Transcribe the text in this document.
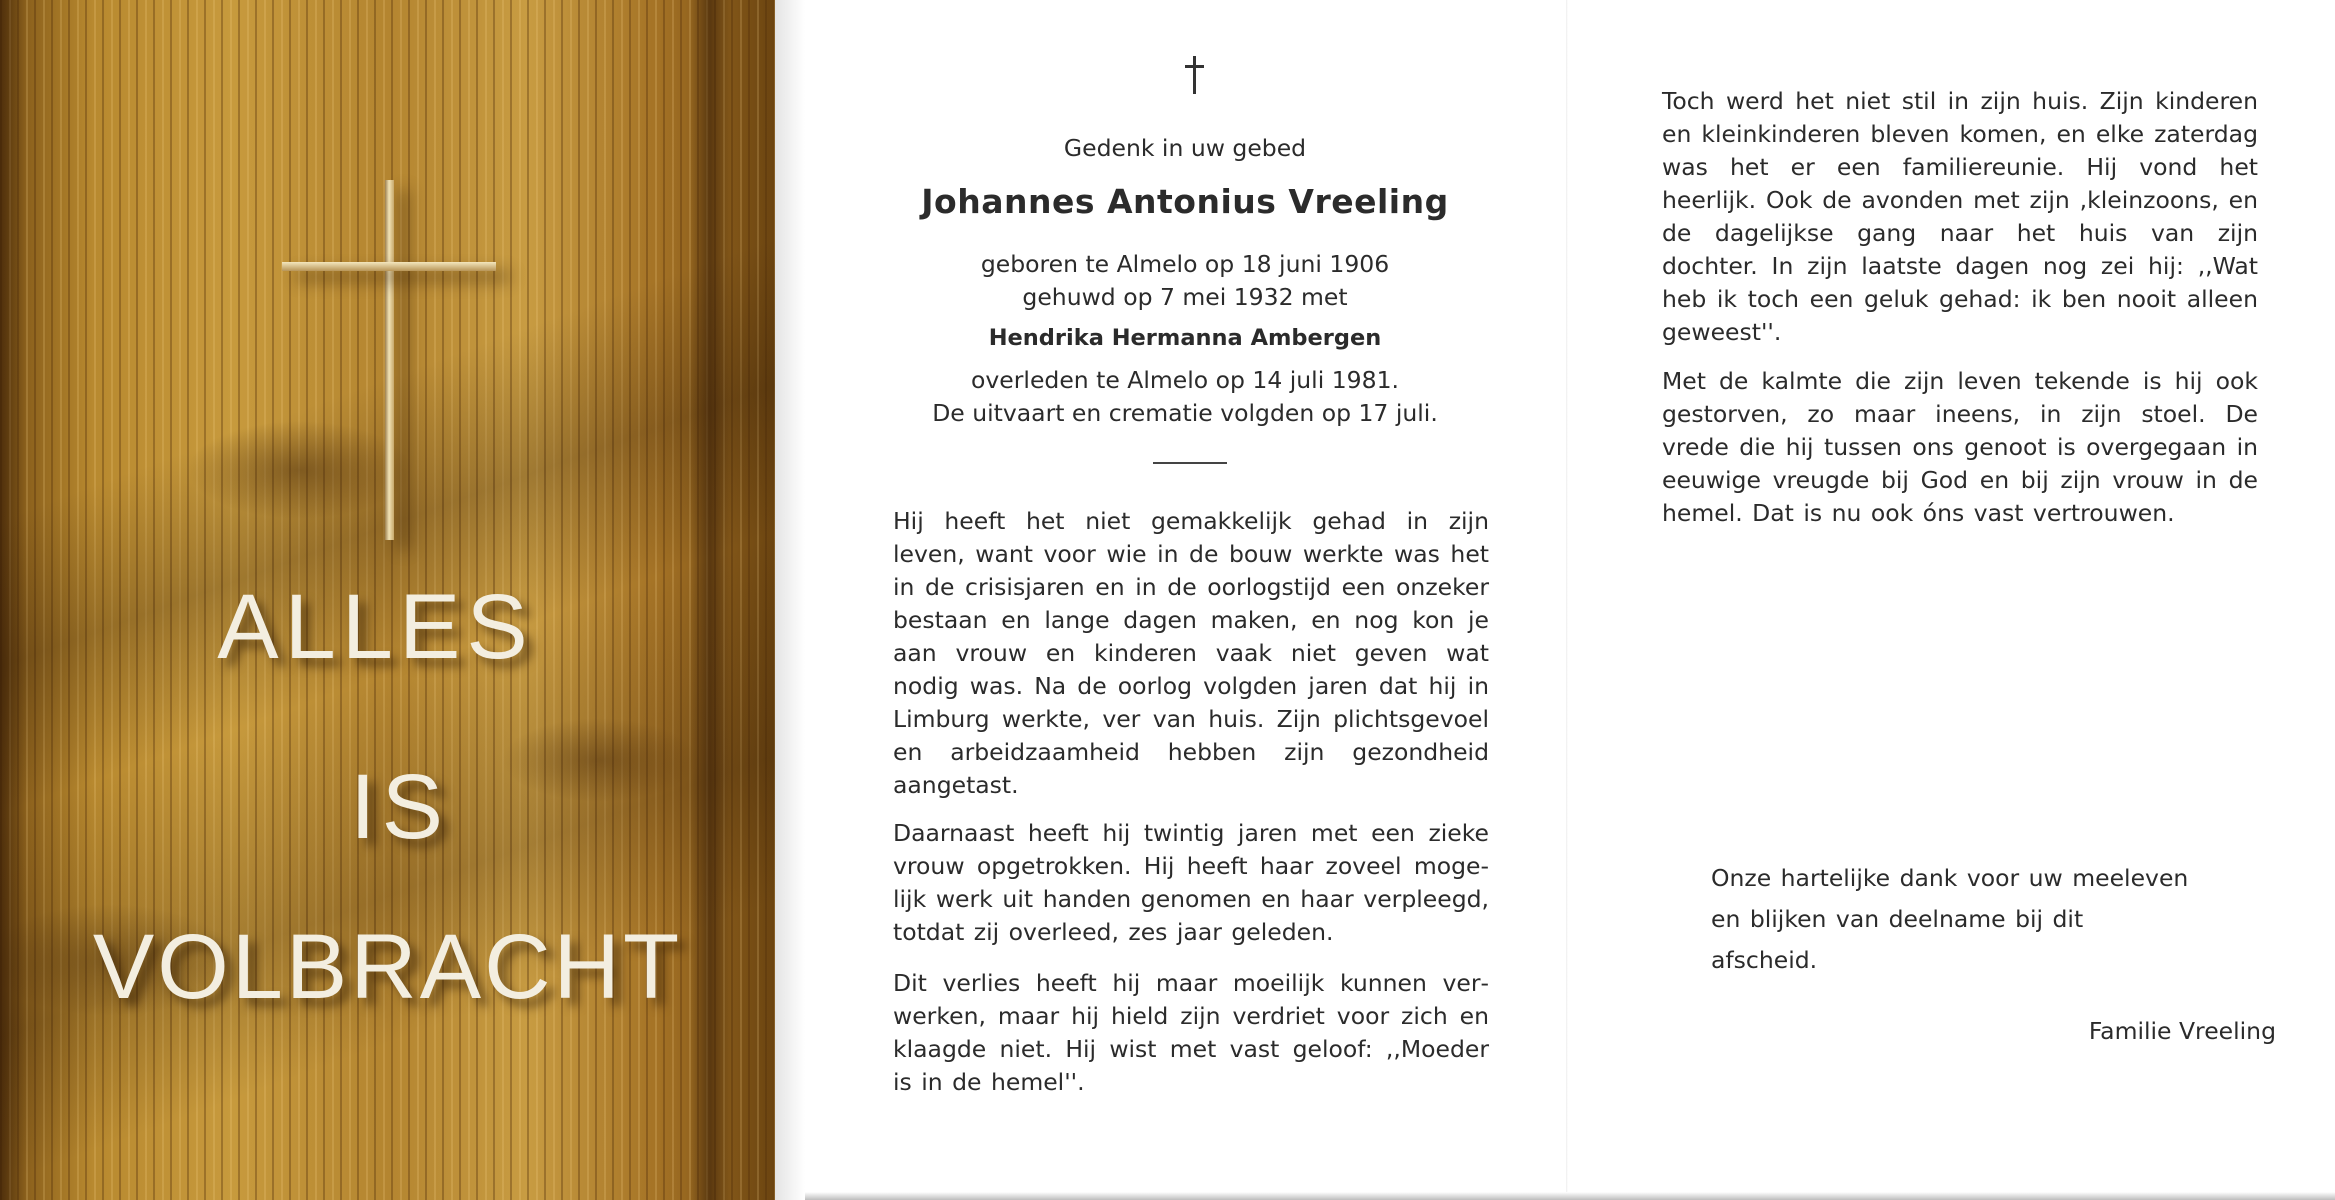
ALLES
IS
VOLBRACHT

Gedenk in uw gebed

Johannes Antonius Vreeling

geboren te Almelo op 18 juni 1906

gehuwd op 7 mei 1932 met

Hendrika Hermanna Ambergen

overleden te Almelo op 14 juli 1981.

De uitvaart en crematie volgden op 17 juli.

Hij heeft het niet gemakkelijk gehad in zijn leven, want voor wie in de bouw werkte was het in de crisisjaren en in de oorlogstijd een onzeker bestaan en lange dagen maken, en nog kon je aan vrouw en kinderen vaak niet geven wat nodig was. Na de oorlog volgden jaren dat hij in Limburg werkte, ver van huis. Zijn plichtsgevoel en arbeidzaamheid hebben zijn gezondheid aangetast.

Daarnaast heeft hij twintig jaren met een zieke vrouw opgetrokken. Hij heeft haar zoveel mogelijk werk uit handen genomen en haar verpleegd, totdat zij overleed, zes jaar geleden.

Dit verlies heeft hij maar moeilijk kunnen verwerken, maar hij hield zijn verdriet voor zich en klaagde niet. Hij wist met vast geloof: ,,Moeder is in de hemel''.

Toch werd het niet stil in zijn huis. Zijn kinderen en kleinkinderen bleven komen, en elke zaterdag was het er een familiereunie. Hij vond het heerlijk. Ook de avonden met zijn ,kleinzoons, en de dagelijkse gang naar het huis van zijn dochter. In zijn laatste dagen nog zei hij: ,,Wat heb ik toch een geluk gehad: ik ben nooit alleen geweest''.

Met de kalmte die zijn leven tekende is hij ook gestorven, zo maar ineens, in zijn stoel. De vrede die hij tussen ons genoot is overgegaan in eeuwige vreugde bij God en bij zijn vrouw in de hemel. Dat is nu ook óns vast vertrouwen.

Onze hartelijke dank voor uw meeleven
en blijken van deelname bij dit
afscheid.

Familie Vreeling
